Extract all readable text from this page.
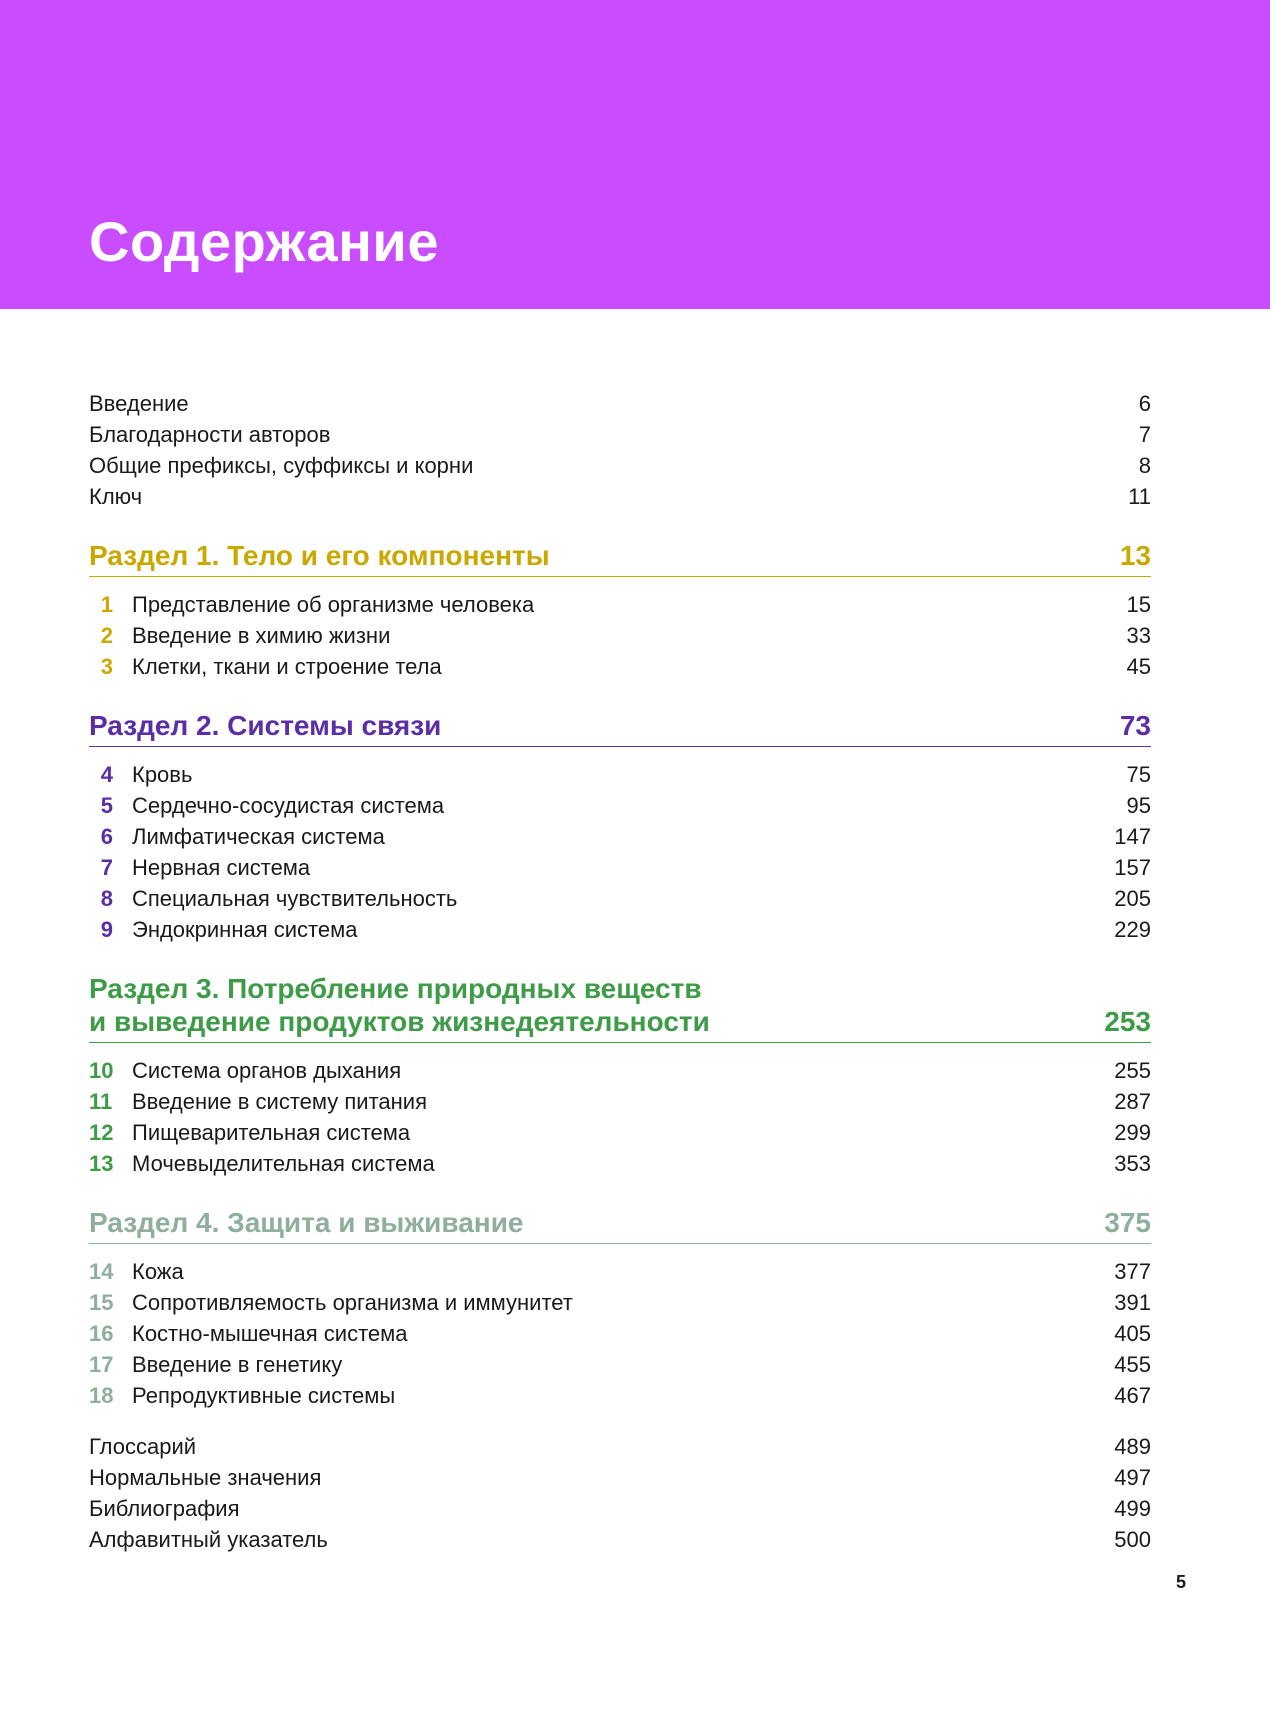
Содержание
Введение	6
Благодарности авторов	7
Общие префиксы, суффиксы и корни	8
Ключ	11
Раздел 1. Тело и его компоненты	13
1 Представление об организме человека	15
2 Введение в химию жизни	33
3 Клетки, ткани и строение тела	45
Раздел 2. Системы связи	73
4 Кровь	75
5 Сердечно-сосудистая система	95
6 Лимфатическая система	147
7 Нервная система	157
8 Специальная чувствительность	205
9 Эндокринная система	229
Раздел 3. Потребление природных веществ
и выведение продуктов жизнедеятельности	253
10 Система органов дыхания	255
11 Введение в систему питания	287
12 Пищеварительная система	299
13 Мочевыделительная система	353
Раздел 4. Защита и выживание	375
14 Кожа	377
15 Сопротивляемость организма и иммунитет	391
16 Костно-мышечная система	405
17 Введение в генетику	455
18 Репродуктивные системы	467
Глоссарий	489
Нормальные значения	497
Библиография	499
Алфавитный указатель	500
5
